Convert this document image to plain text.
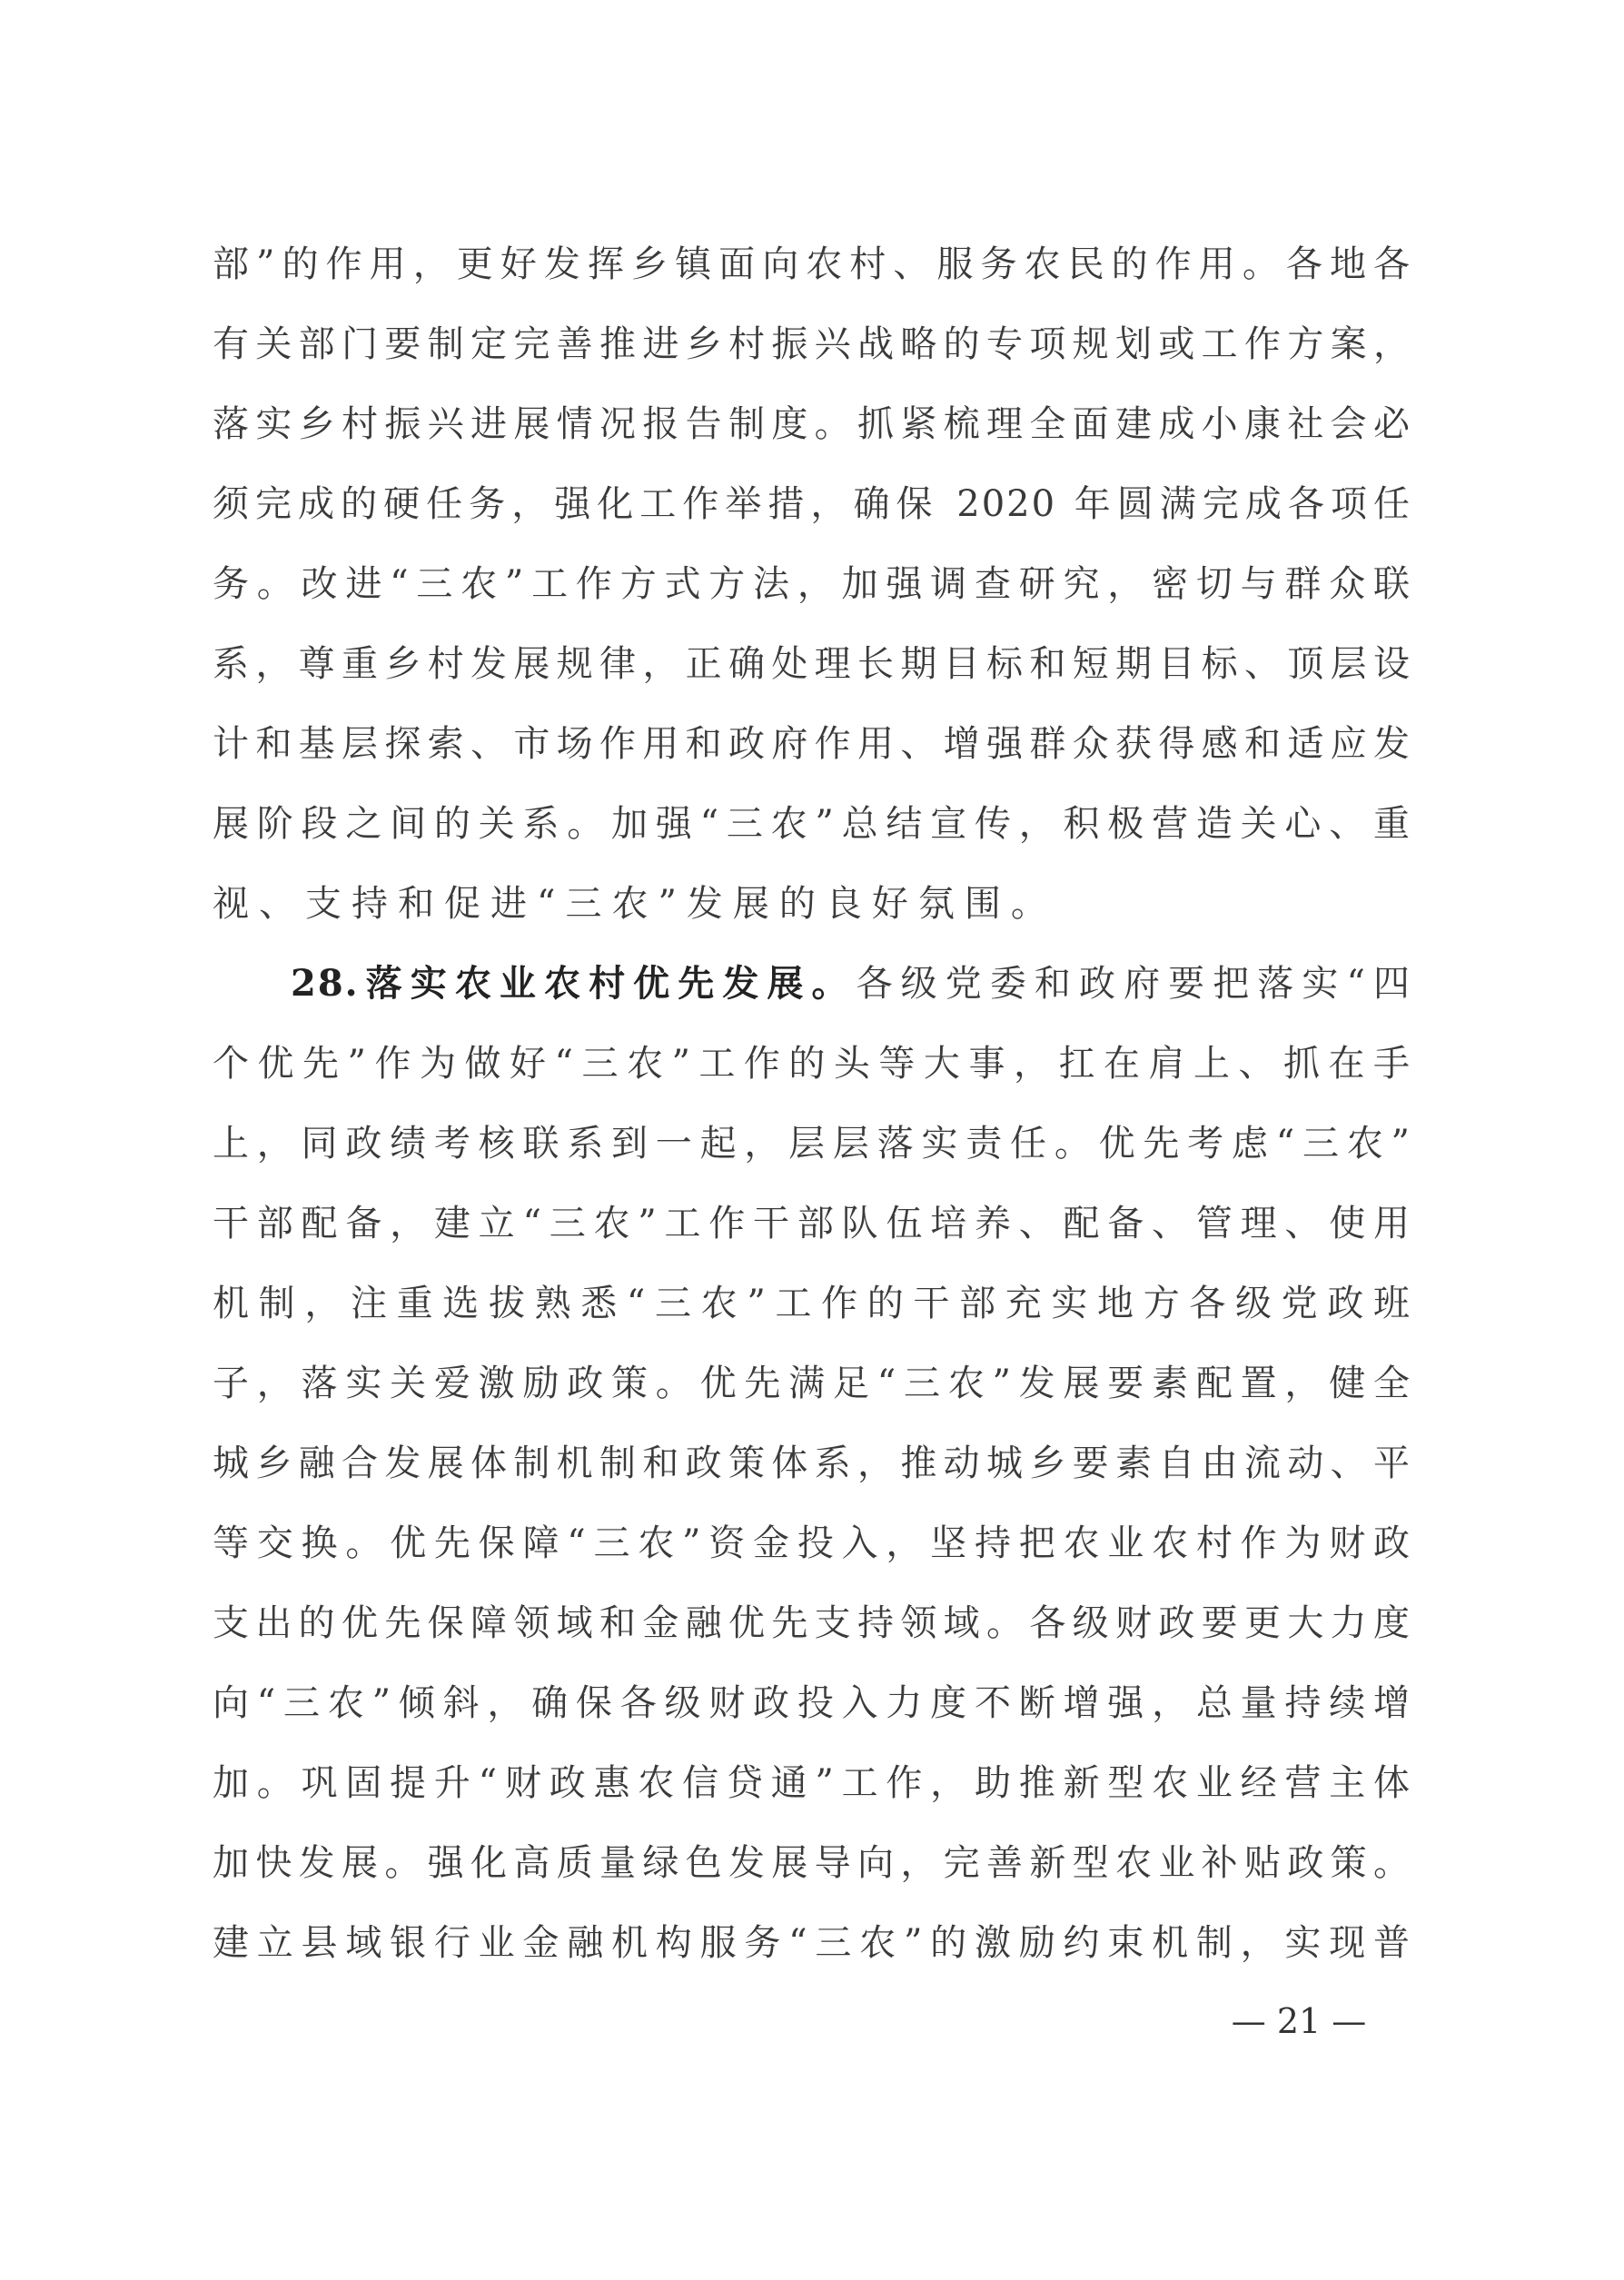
部”的作用，更好发挥乡镇面向农村、服务农民的作用。各地各
有关部门要制定完善推进乡村振兴战略的专项规划或工作方案，
落实乡村振兴进展情况报告制度。抓紧梳理全面建成小康社会必
须完成的硬任务，强化工作举措，确保 2020 年圆满完成各项任
务。改进“三农”工作方式方法，加强调查研究，密切与群众联
系，尊重乡村发展规律，正确处理长期目标和短期目标、顶层设
计和基层探索、市场作用和政府作用、增强群众获得感和适应发
展阶段之间的关系。加强“三农”总结宣传，积极营造关心、重
视、支持和促进“三农”发展的良好氛围。
28.落实农业农村优先发展。各级党委和政府要把落实“四
个优先”作为做好“三农”工作的头等大事，扛在肩上、抓在手
上，同政绩考核联系到一起，层层落实责任。优先考虑“三农”
干部配备，建立“三农”工作干部队伍培养、配备、管理、使用
机制，注重选拔熟悉“三农”工作的干部充实地方各级党政班
子，落实关爱激励政策。优先满足“三农”发展要素配置，健全
城乡融合发展体制机制和政策体系，推动城乡要素自由流动、平
等交换。优先保障“三农”资金投入，坚持把农业农村作为财政
支出的优先保障领域和金融优先支持领域。各级财政要更大力度
向“三农”倾斜，确保各级财政投入力度不断增强，总量持续增
加。巩固提升“财政惠农信贷通”工作，助推新型农业经营主体
加快发展。强化高质量绿色发展导向，完善新型农业补贴政策。
建立县域银行业金融机构服务“三农”的激励约束机制，实现普
— 21 —
